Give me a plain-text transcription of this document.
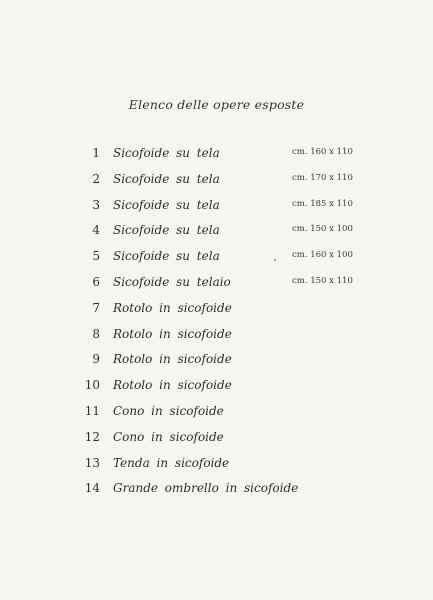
Elenco delle opere esposte
1 Sicofoide su tela	cm. 160 x 110
2 Sicofoide su tela	cm. 170 x 110
3 Sicofoide su tela	cm. 185 x 110
4 Sicofoide su tela	cm. 150 x 100
5 Sicofoide su tela	cm. 160 x 100
6 Sicofoide su telaio	cm. 150 x 110
7 Rotolo in sicofoide
8 Rotolo in sicofoide
9 Rotolo in sicofoide
10 Rotolo in sicofoide
11 Cono in sicofoide
12 Cono in sicofoide
13 Tenda in sicofoide
14 Grande ombrello in sicofoide
